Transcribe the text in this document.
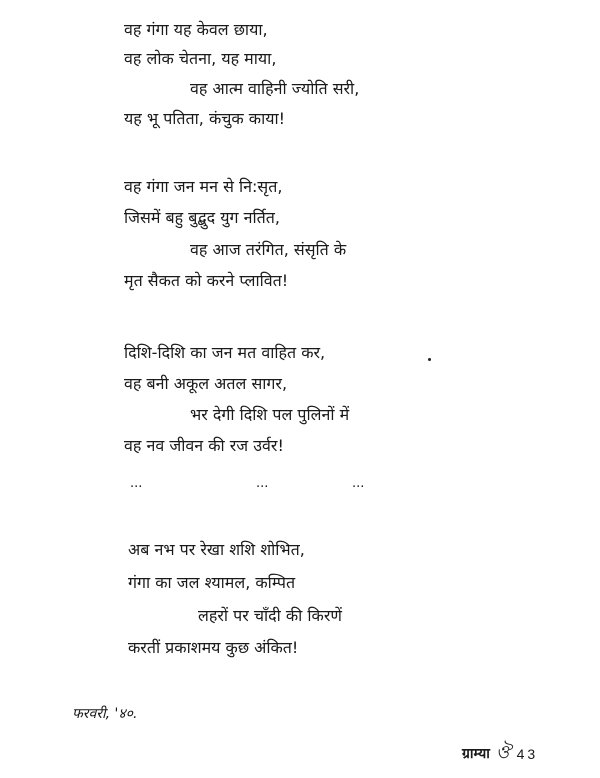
वह गंगा यह केवल छाया,
वह लोक चेतना, यह माया,
वह आत्म वाहिनी ज्योति सरी,
यह भू पतिता, कंचुक काया!
वह गंगा जन मन से नि:सृत,
जिसमें बहु बुद्बुद युग नर्तित,
वह आज तरंगित, संसृति के
मृत सैकत को करने प्लावित!
दिशि-दिशि का जन मत वाहित कर,
वह बनी अकूल अतल सागर,
भर देगी दिशि पल पुलिनों में
वह नव जीवन की रज उर्वर!
...	...	...
अब नभ पर रेखा शशि शोभित,
गंगा का जल श्यामल, कम्पित
लहरों पर चाँदी की किरणें
करतीं प्रकाशमय कुछ अंकित!
फरवरी, '४०.
ग्राम्या ঔ 43
